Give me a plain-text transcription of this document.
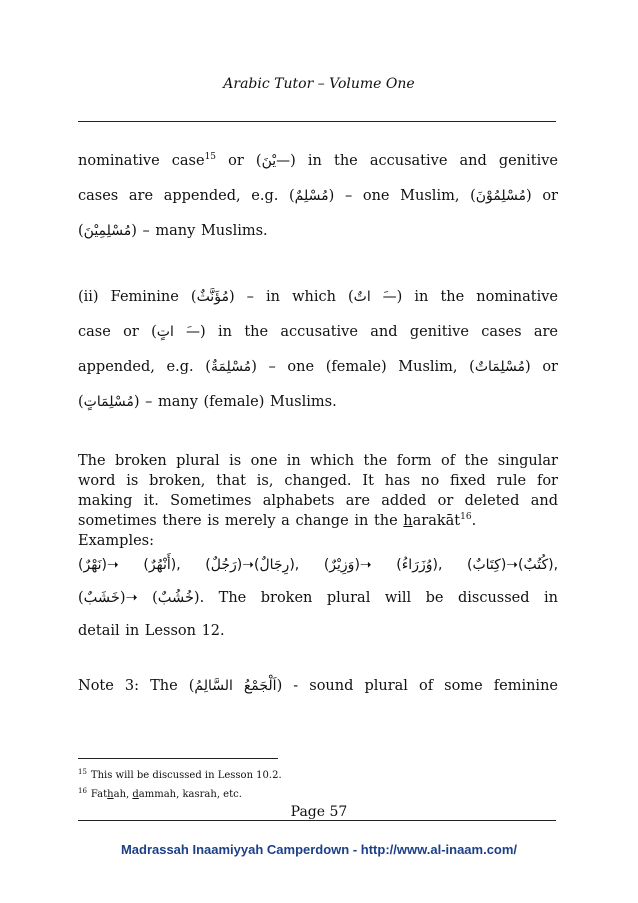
Arabic Tutor – Volume One
nominative case$^{15}$ or (—يْنَ) in the accusative and genitive
cases are appended, e.g. (مُسْلِمٌ) – one Muslim, (مُسْلِمُوْنَ) or
(مُسْلِمِيْنَ) – many Muslims.
(ii) Feminine (مُؤَنَّثٌ) – in which (—َ اتٌ) in the nominative
case or (—َ اتٍ) in the accusative and genitive cases are
appended, e.g. (مُسْلِمَةٌ) – one (female) Muslim, (مُسْلِمَاتٌ) or
(مُسْلِمَاتٍ) – many (female) Muslims.
The broken plural is one in which the form of the singular
word is broken, that is, changed. It has no fixed rule for
making it. Sometimes alphabets are added or deleted and
sometimes there is merely a change in the harakāt$^{16}$.
Examples:
(نَهْرٌ)➝ (أَنْهُرٌ), (رَجُلٌ)➝(رِجَالٌ), (وَزِيْرٌ)➝ (وُزَرَاءُ), (كِتَابٌ)➝(كُتُبٌ),
(خَشَبٌ)➝ (خُشُبٌ). The broken plural will be discussed in
detail in Lesson 12.
Note 3: The (اَلْجَمْعُ السَّالِمُ) - sound plural of some feminine
$^{15}$ This will be discussed in Lesson 10.2.
$^{16}$ Fathah, dammah, kasrah, etc.
Page 57
Madrassah Inaamiyyah Camperdown - http://www.al-inaam.com/
